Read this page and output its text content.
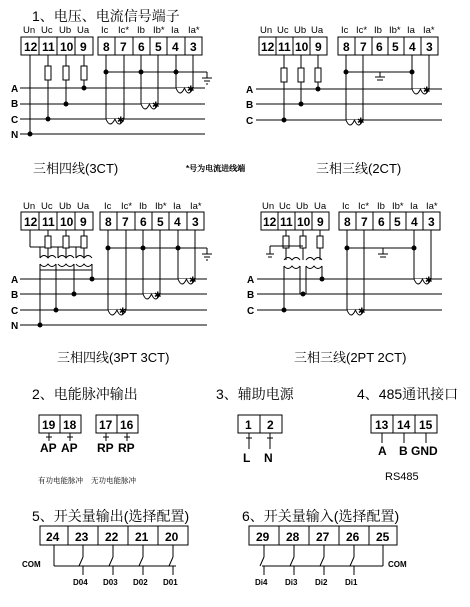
1、电压、电流信号端子
三相四线(3CT)	*号为电流进线端	三相三线(2CT)
三相四线(3PT 3CT)	三相三线(2PT 2CT)
2、电能脉冲输出	3、辅助电源	4、485通讯接口
有功电能脉冲 无功电能脉冲	RS485
5、开关量输出(选择配置)	6、开关量输入(选择配置)
Un Uc Ub Ua Ic Ic* Ib Ib* Ia Ia*
12 11 10 9 8 7 6 5 4 3
A
B
C
N
✱
✱
✱
Un Uc Ub Ua Ic Ic* Ib Ib* Ia Ia*
12 11 10 9 8 7 6 5 4 3
A
B
C	✱
✱
Un Uc Ub Ua Ic Ic* Ib Ib* Ia Ia*
12 11 10 9 8 7 6 5 4 3
A
B
C
N
✱
✱
✱
Un Uc Ub Ua Ic Ic* Ib Ib* Ia Ia*
12 11 10 9 8 7 6 5 4 3
A
B
C	✱
✱
19 18 17 16
AP AP RP RP
1 2
L N
13 14 15
A B GND
24 23 22 21 20
COM
D04 D03 D02 D01
29 28 27 26 25
COM
Di4 Di3 Di2 Di1
